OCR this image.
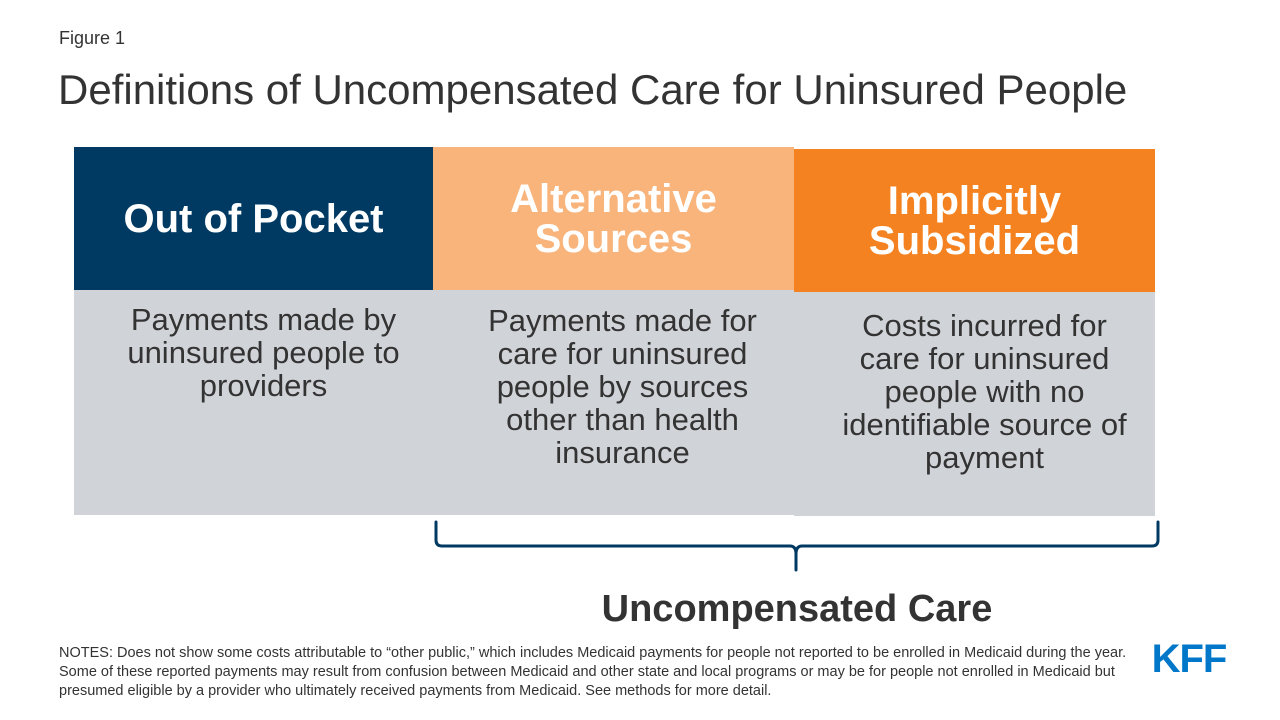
Figure 1
Definitions of Uncompensated Care for Uninsured People
Out of Pocket
Payments made by uninsured people to providers
Alternative Sources
Payments made for care for uninsured people by sources other than health insurance
Implicitly Subsidized
Costs incurred for care for uninsured people with no identifiable source of payment
Uncompensated Care
NOTES: Does not show some costs attributable to “other public,” which includes Medicaid payments for people not reported to be enrolled in Medicaid during the year. Some of these reported payments may result from confusion between Medicaid and other state and local programs or may be for people not enrolled in Medicaid but presumed eligible by a provider who ultimately received payments from Medicaid. See methods for more detail.
KFF
